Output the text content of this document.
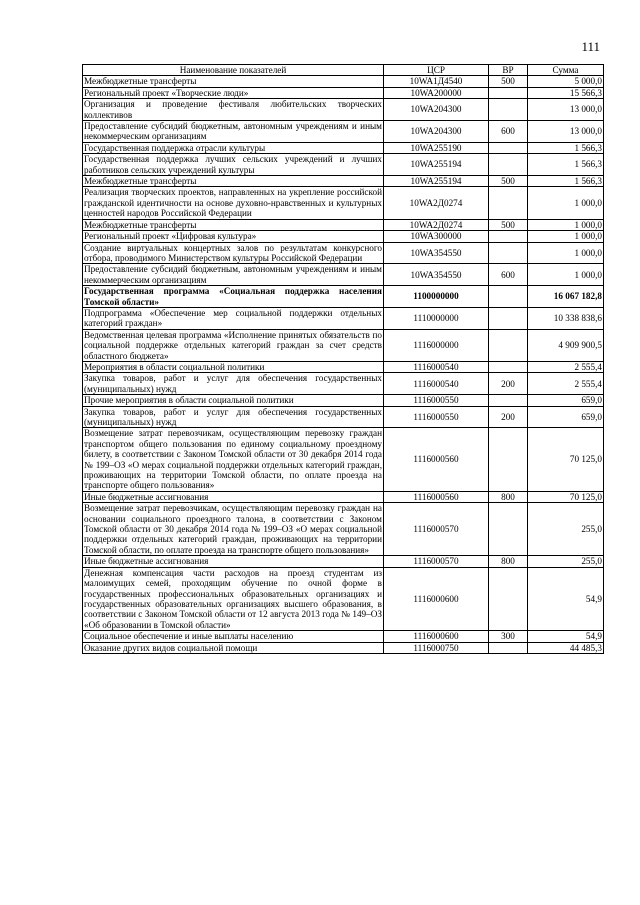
111
Наименование показателей	ЦСР	ВР	Сумма
Межбюджетные трансферты	10WA1Д4540	500	5 000,0
Региональный проект «Творческие люди»	10WA200000		15 566,3
Организация и проведение фестиваля любительских творческих коллективов	10WA204300		13 000,0
Предоставление субсидий бюджетным, автономным учреждениям и иным некоммерческим организациям	10WA204300	600	13 000,0
Государственная поддержка отрасли культуры	10WA255190		1 566,3
Государственная поддержка лучших сельских учреждений и лучших работников сельских учреждений культуры	10WA255194		1 566,3
Межбюджетные трансферты	10WA255194	500	1 566,3
Реализация творческих проектов, направленных на укрепление российской гражданской идентичности на основе духовно-нравственных и культурных ценностей народов Российской Федерации	10WA2Д0274		1 000,0
Межбюджетные трансферты	10WA2Д0274	500	1 000,0
Региональный проект «Цифровая культура»	10WA300000		1 000,0
Создание виртуальных концертных залов по результатам конкурсного отбора, проводимого Министерством культуры Российской Федерации	10WA354550		1 000,0
Предоставление субсидий бюджетным, автономным учреждениям и иным некоммерческим организациям	10WA354550	600	1 000,0
Государственная программа «Социальная поддержка населения Томской области»	1100000000		16 067 182,8
Подпрограмма «Обеспечение мер социальной поддержки отдельных категорий граждан»	1110000000		10 338 838,6
Ведомственная целевая программа «Исполнение принятых обязательств по социальной поддержке отдельных категорий граждан за счет средств областного бюджета»	1116000000		4 909 900,5
Мероприятия в области социальной политики	1116000540		2 555,4
Закупка товаров, работ и услуг для обеспечения государственных (муниципальных) нужд	1116000540	200	2 555,4
Прочие мероприятия в области социальной политики	1116000550		659,0
Закупка товаров, работ и услуг для обеспечения государственных (муниципальных) нужд	1116000550	200	659,0
Возмещение затрат перевозчикам, осуществляющим перевозку граждан транспортом общего пользования по единому социальному проездному билету, в соответствии с Законом Томской области от 30 декабря 2014 года № 199–ОЗ «О мерах социальной поддержки отдельных категорий граждан, проживающих на территории Томской области, по оплате проезда на транспорте общего пользования»	1116000560		70 125,0
Иные бюджетные ассигнования	1116000560	800	70 125,0
Возмещение затрат перевозчикам, осуществляющим перевозку граждан на основании социального проездного талона, в соответствии с Законом Томской области от 30 декабря 2014 года № 199–ОЗ «О мерах социальной поддержки отдельных категорий граждан, проживающих на территории Томской области, по оплате проезда на транспорте общего пользования»	1116000570		255,0
Иные бюджетные ассигнования	1116000570	800	255,0
Денежная компенсация части расходов на проезд студентам из малоимущих семей, проходящим обучение по очной форме в государственных профессиональных образовательных организациях и государственных образовательных организациях высшего образования, в соответствии с Законом Томской области от 12 августа 2013 года № 149–ОЗ «Об образовании в Томской области»	1116000600		54,9
Социальное обеспечение и иные выплаты населению	1116000600	300	54,9
Оказание других видов социальной помощи	1116000750		44 485,3
